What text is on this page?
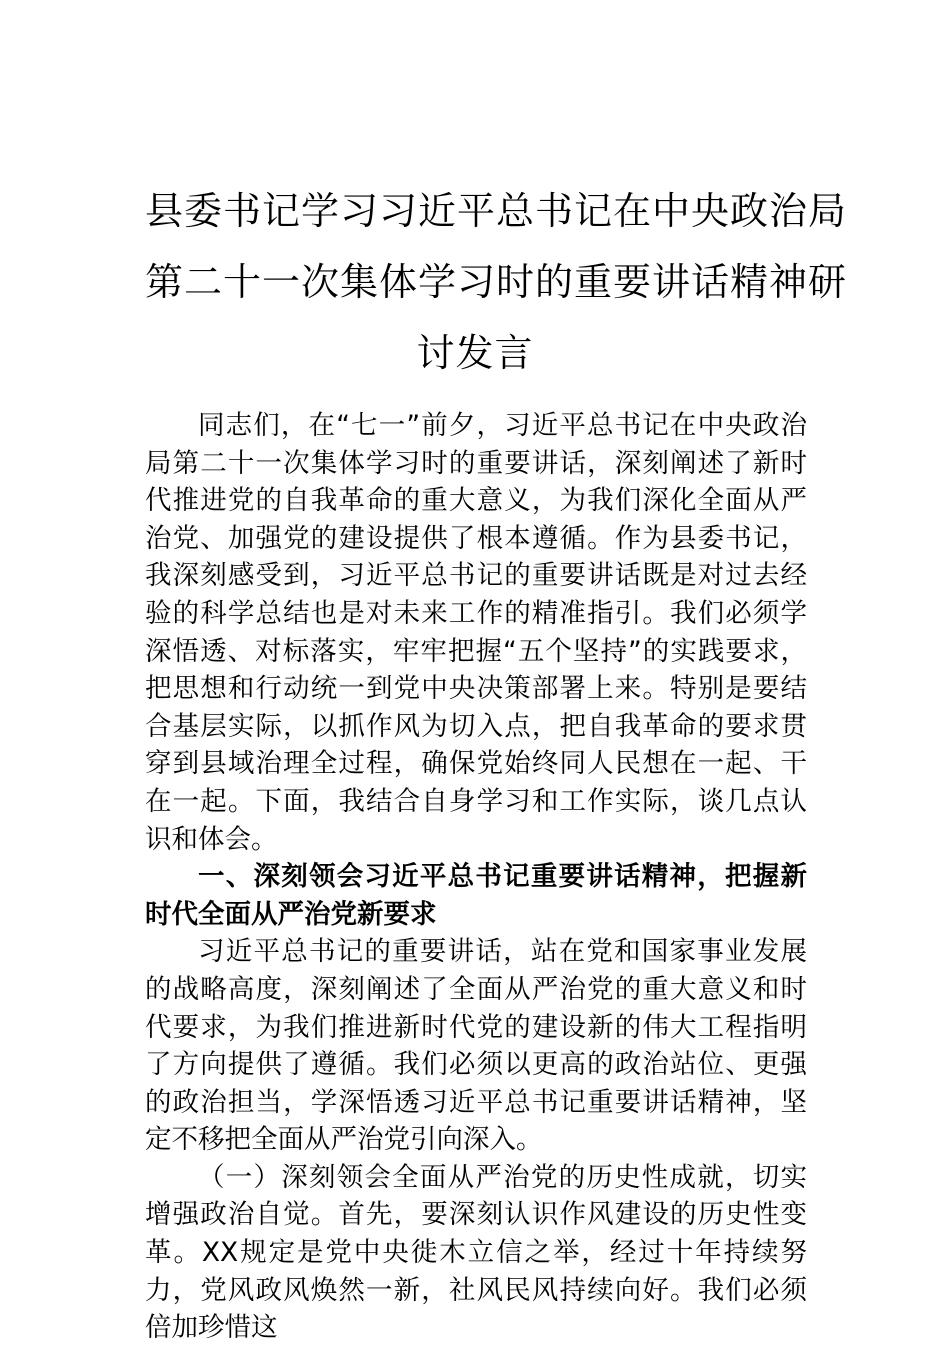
县委书记学习习近平总书记在中央政治局
第二十一次集体学习时的重要讲话精神研
讨发言

同志们，在“七一”前夕，习近平总书记在中央政治局第二十一次集体学习时的重要讲话，深刻阐述了新时代推进党的自我革命的重大意义，为我们深化全面从严治党、加强党的建设提供了根本遵循。作为县委书记，我深刻感受到，习近平总书记的重要讲话既是对过去经验的科学总结也是对未来工作的精准指引。我们必须学深悟透、对标落实，牢牢把握“五个坚持”的实践要求，把思想和行动统一到党中央决策部署上来。特别是要结合基层实际，以抓作风为切入点，把自我革命的要求贯穿到县域治理全过程，确保党始终同人民想在一起、干在一起。下面，我结合自身学习和工作实际，谈几点认识和体会。

一、深刻领会习近平总书记重要讲话精神，把握新时代全面从严治党新要求

习近平总书记的重要讲话，站在党和国家事业发展的战略高度，深刻阐述了全面从严治党的重大意义和时代要求，为我们推进新时代党的建设新的伟大工程指明了方向提供了遵循。我们必须以更高的政治站位、更强的政治担当，学深悟透习近平总书记重要讲话精神，坚定不移把全面从严治党引向深入。

（一）深刻领会全面从严治党的历史性成就，切实增强政治自觉。首先，要深刻认识作风建设的历史性变革。XX规定是党中央徙木立信之举，经过十年持续努力，党风政风焕然一新，社风民风持续向好。我们必须倍加珍惜这
